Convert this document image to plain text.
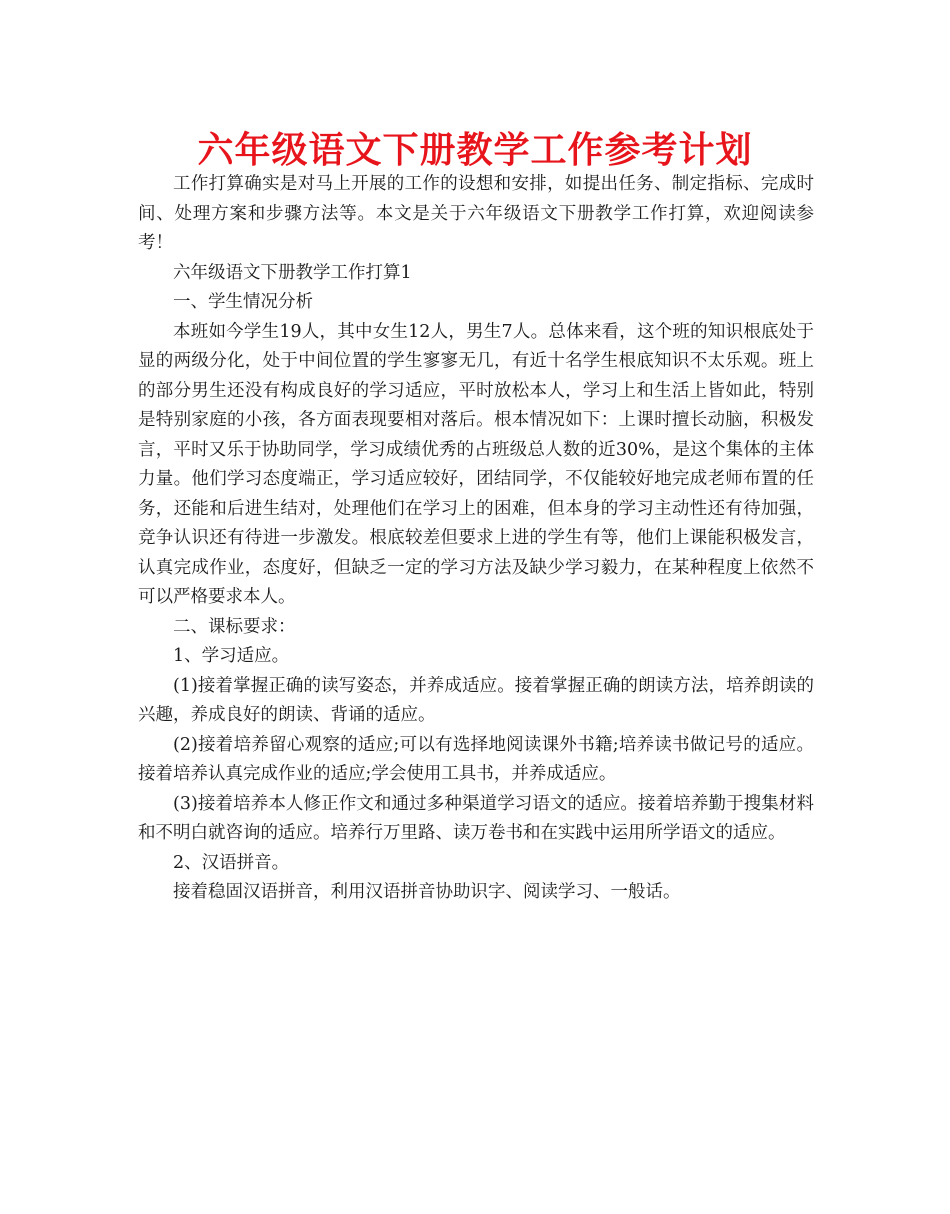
六年级语文下册教学工作参考计划

工作打算确实是对马上开展的工作的设想和安排，如提出任务、制定指标、完成时间、处理方案和步骤方法等。本文是关于六年级语文下册教学工作打算，欢迎阅读参考！

六年级语文下册教学工作打算1

一、学生情况分析

本班如今学生19人，其中女生12人，男生7人。总体来看，这个班的知识根底处于显的两级分化，处于中间位置的学生寥寥无几，有近十名学生根底知识不太乐观。班上的部分男生还没有构成良好的学习适应，平时放松本人，学习上和生活上皆如此，特别是特别家庭的小孩，各方面表现要相对落后。根本情况如下：上课时擅长动脑，积极发言，平时又乐于协助同学，学习成绩优秀的占班级总人数的近30%，是这个集体的主体力量。他们学习态度端正，学习适应较好，团结同学，不仅能较好地完成老师布置的任务，还能和后进生结对，处理他们在学习上的困难，但本身的学习主动性还有待加强，竞争认识还有待进一步激发。根底较差但要求上进的学生有等，他们上课能积极发言，认真完成作业，态度好，但缺乏一定的学习方法及缺少学习毅力，在某种程度上依然不可以严格要求本人。

二、课标要求：

1、学习适应。

(1)接着掌握正确的读写姿态，并养成适应。接着掌握正确的朗读方法，培养朗读的兴趣，养成良好的朗读、背诵的适应。

(2)接着培养留心观察的适应;可以有选择地阅读课外书籍;培养读书做记号的适应。接着培养认真完成作业的适应;学会使用工具书，并养成适应。

(3)接着培养本人修正作文和通过多种渠道学习语文的适应。接着培养勤于搜集材料和不明白就咨询的适应。培养行万里路、读万卷书和在实践中运用所学语文的适应。

2、汉语拼音。

接着稳固汉语拼音，利用汉语拼音协助识字、阅读学习、一般话。
